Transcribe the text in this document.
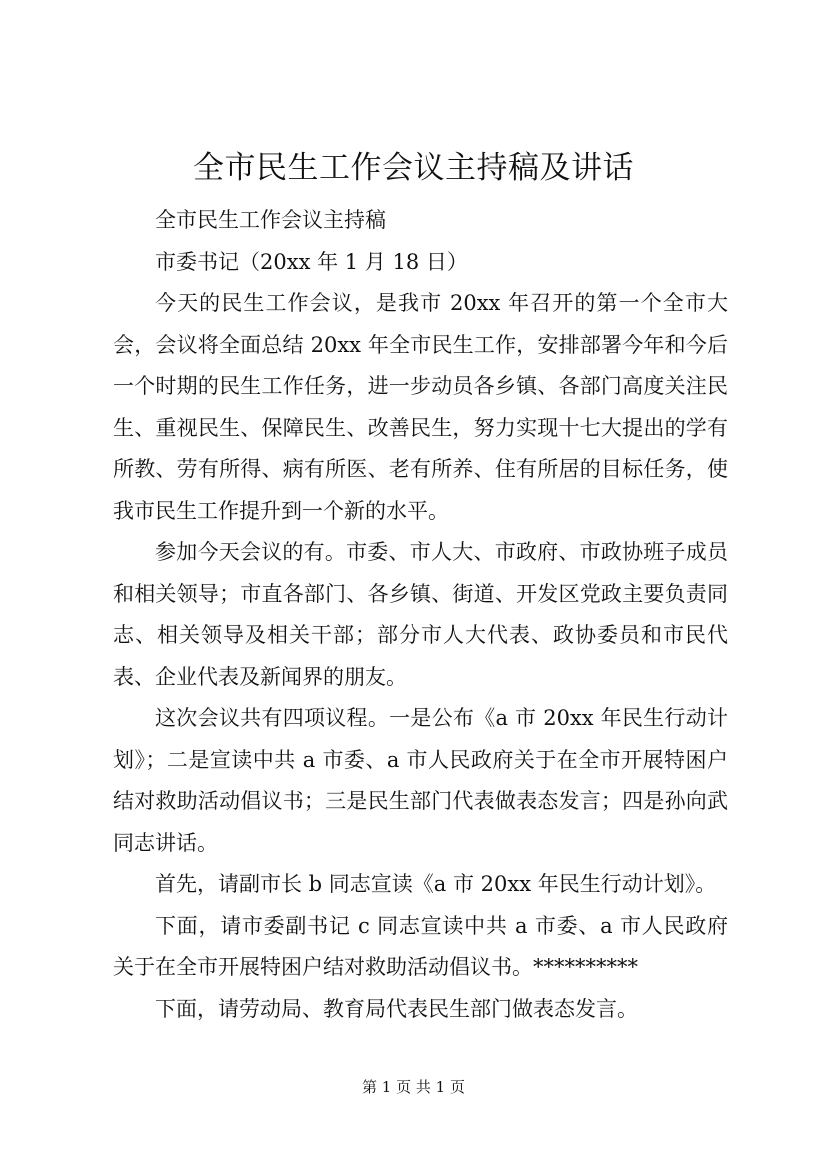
全市民生工作会议主持稿及讲话

全市民生工作会议主持稿

市委书记（20xx 年 1 月 18 日）

今天的民生工作会议，是我市 20xx 年召开的第一个全市大会，会议将全面总结 20xx 年全市民生工作，安排部署今年和今后一个时期的民生工作任务，进一步动员各乡镇、各部门高度关注民生、重视民生、保障民生、改善民生，努力实现十七大提出的学有所教、劳有所得、病有所医、老有所养、住有所居的目标任务，使我市民生工作提升到一个新的水平。

参加今天会议的有。市委、市人大、市政府、市政协班子成员和相关领导；市直各部门、各乡镇、街道、开发区党政主要负责同志、相关领导及相关干部；部分市人大代表、政协委员和市民代表、企业代表及新闻界的朋友。

这次会议共有四项议程。一是公布《a 市 20xx 年民生行动计划》；二是宣读中共 a 市委、a 市人民政府关于在全市开展特困户结对救助活动倡议书；三是民生部门代表做表态发言；四是孙向武同志讲话。

首先，请副市长 b 同志宣读《a 市 20xx 年民生行动计划》。

下面，请市委副书记 c 同志宣读中共 a 市委、a 市人民政府关于在全市开展特困户结对救助活动倡议书。**********

下面，请劳动局、教育局代表民生部门做表态发言。

第 1 页 共 1 页
